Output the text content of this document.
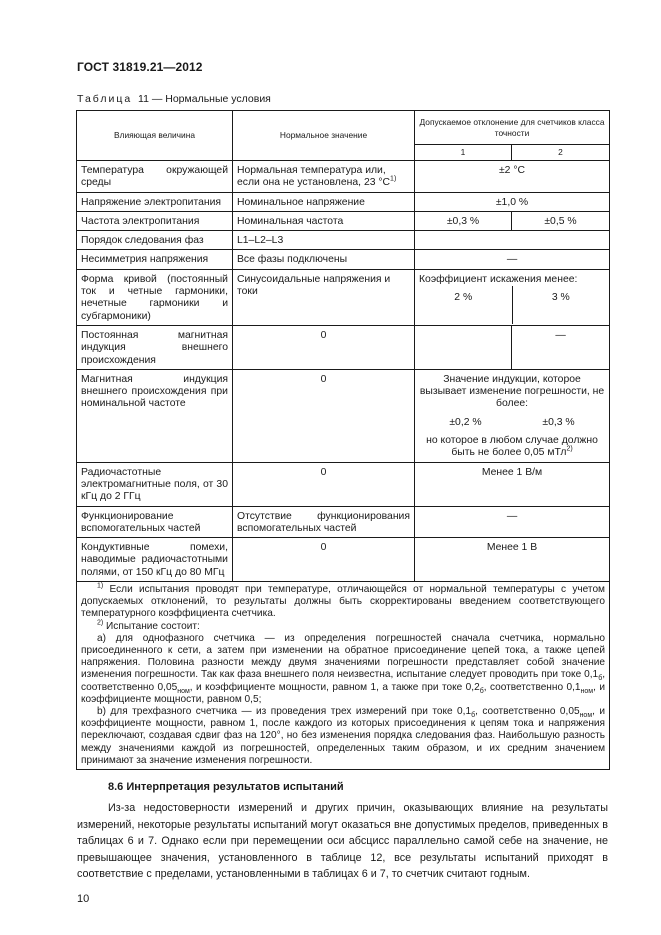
ГОСТ 31819.21—2012
Таблица 11 — Нормальные условия
Влияющая величина	Нормальное значение	Допускаемое отклонение для счетчиков класса точности	
		1	2
Температура окружающей среды	Нормальная температура или, если она не установлена, 23 $^\circ С^{1)}$	±2 °С	
Напряжение электропитания	Номинальное напряжение	±1,0 %	
Частота электропитания	Номинальная частота	±0,3 %	±0,5 %
Порядок следования фаз	L1–L2–L3		
Несимметрия напряжения	Все фазы подключены	—	
Форма кривой (постоянный ток и четные гармоники, нечетные гармоники и субгармоники)	Синусоидальные напряжения и токи	Коэффициент искажения менее:
2 % 3 %	

Постоянная магнитная индукция внешнего происхождения	0		—
Магнитная индукция внешнего происхождения при номинальной частоте	0	Значение индукции, которое вызывает изменение погрешности, не более:
±0,2 % ±0,3 %
но которое в любом случае должно быть не более 0,05 мТл$^{2)}$

Радиочастотные электромагнитные поля, от 30 кГц до 2 ГГц	0	Менее 1 В/м	
Функционирование вспомогательных частей	Отсутствие функционирования вспомогательных частей	—	
Кондуктивные помехи, наводимые радиочастотными полями, от 150 кГц до 80 МГц	0	Менее 1 В	

$^{1)}$ Если испытания проводят при температуре, отличающейся от нормальной температуры с учетом допускаемых отклонений, то результаты должны быть скорректированы введением соответствующего температурного коэффициента счетчика.

$^{2)}$ Испытание состоит:

a) для однофазного счетчика — из определения погрешностей сначала счетчика, нормально присоединенного к сети, а затем при изменении на обратное присоединение цепей тока, а также цепей напряжения. Половина разности между двумя значениями погрешности представляет собой значение изменения погрешности. Так как фаза внешнего поля неизвестна, испытание следует проводить при токе $0,1_б$, соответственно $0,05_{ном}$, и коэффициенте мощности, равном 1, а также при токе $0,2_б$, соответственно $0,1_{ном}$, и коэффициенте мощности, равном 0,5;

b) для трехфазного счетчика — из проведения трех измерений при токе $0,1_б$, соответственно $0,05_{ном}$, и коэффициенте мощности, равном 1, после каждого из которых присоединения к цепям тока и напряжения переключают, создавая сдвиг фаз на 120°, но без изменения порядка следования фаз. Наибольшую разность между значениями каждой из погрешностей, определенных таким образом, и их средним значением принимают за значение изменения погрешности.			

8.6 Интерпретация результатов испытаний

Из-за недостоверности измерений и других причин, оказывающих влияние на результаты измерений, некоторые результаты испытаний могут оказаться вне допустимых пределов, приведенных в таблицах 6 и 7. Однако если при перемещении оси абсцисс параллельно самой себе на значение, не превышающее значения, установленного в таблице 12, все результаты испытаний приходят в соответствие с пределами, установленными в таблицах 6 и 7, то счетчик считают годным.

10
